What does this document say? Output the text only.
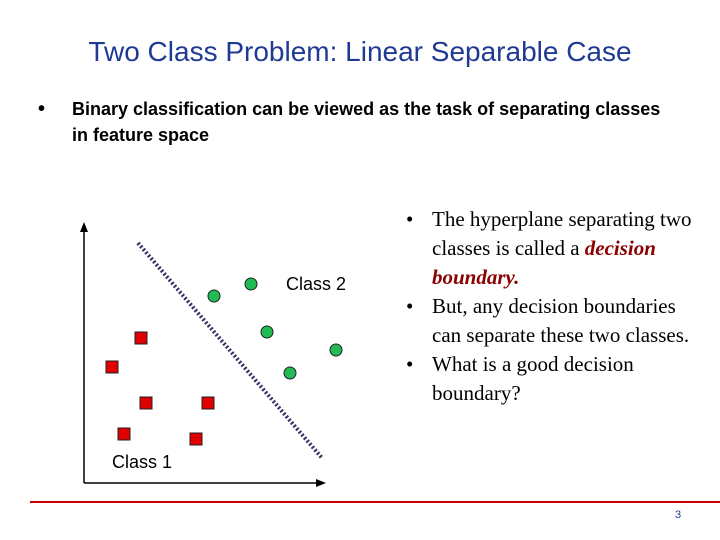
Two Class Problem: Linear Separable Case
• Binary classification can be viewed as the task of separating classes in feature space
Class 2
Class 1
• The hyperplane separating two classes is called a decision boundary.
• But, any decision boundaries can separate these two classes.
• What is a good decision boundary?
3
